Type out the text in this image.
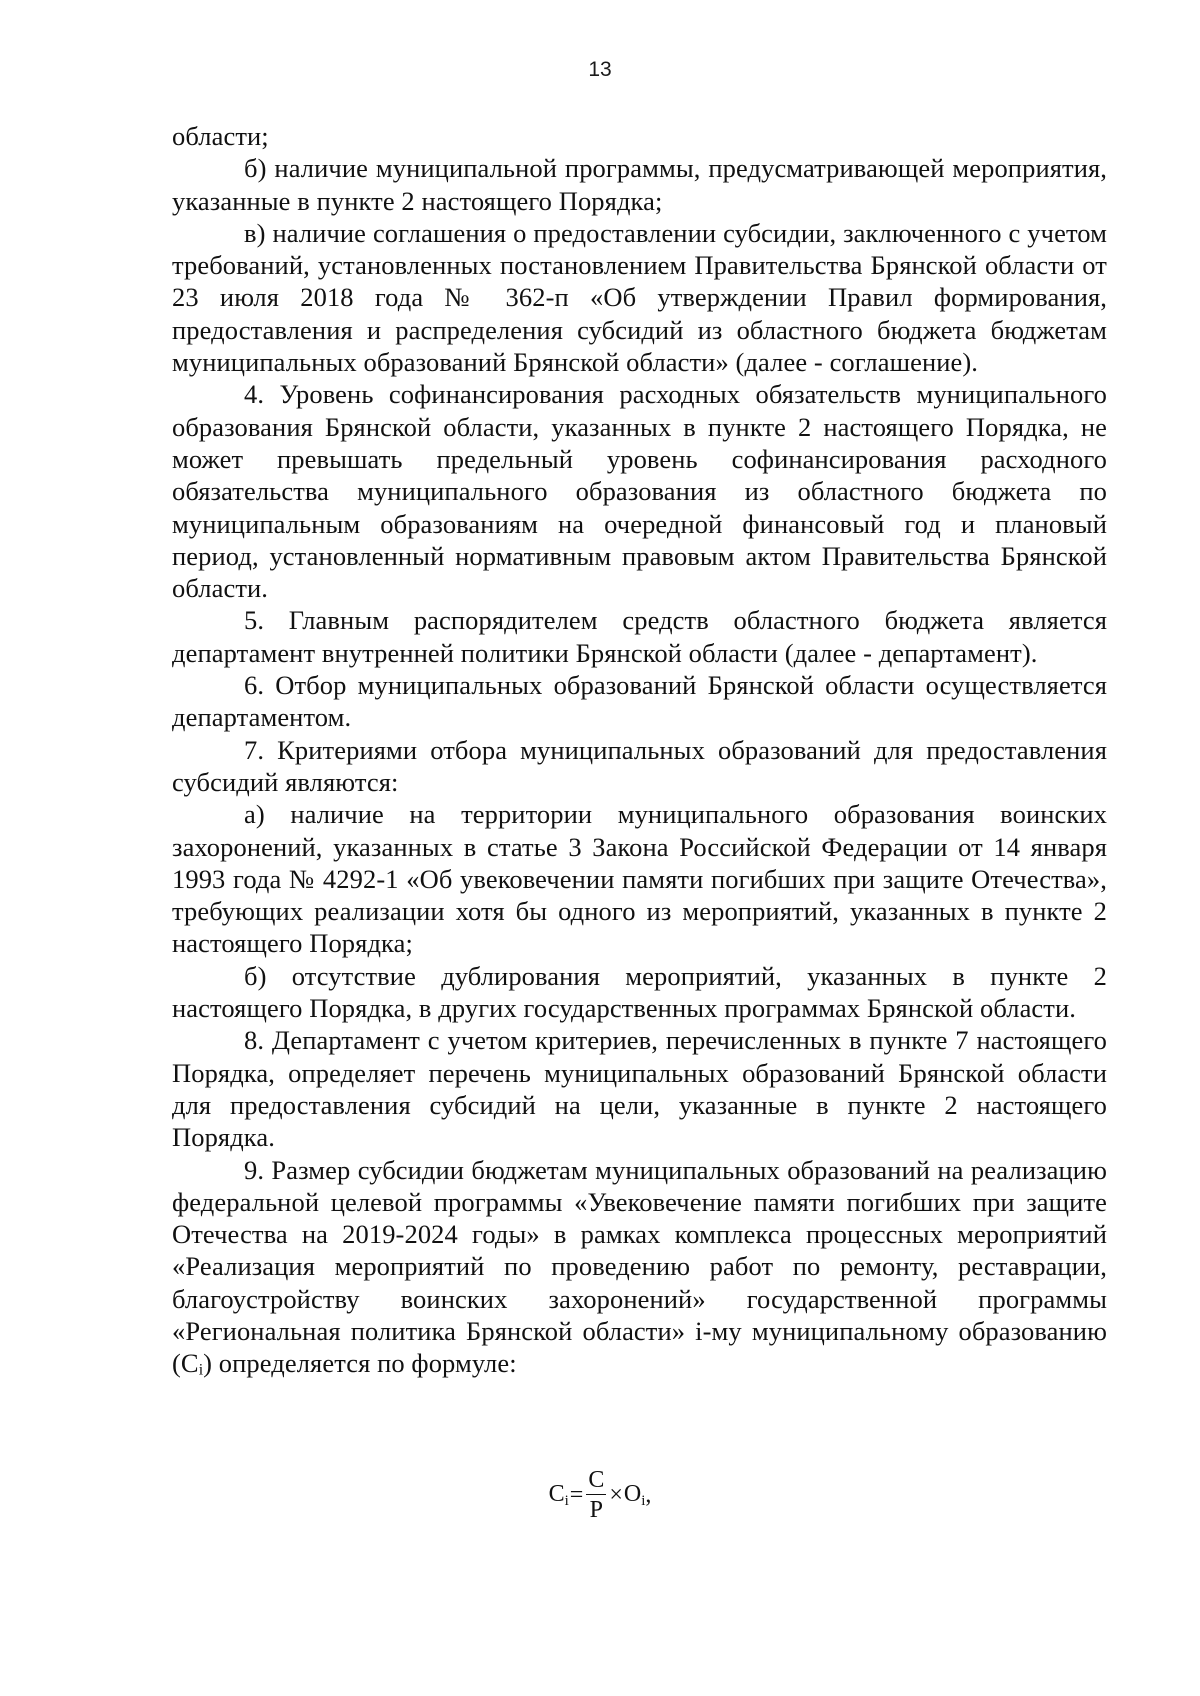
13

области;

б) наличие муниципальной программы, предусматривающей мероприятия, указанные в пункте 2 настоящего Порядка;

в) наличие соглашения о предоставлении субсидии, заключенного с учетом требований, установленных постановлением Правительства Брянской области от 23 июля 2018 года № 362-п «Об утверждении Правил формирования, предоставления и распределения субсидий из областного бюджета бюджетам муниципальных образований Брянской области» (далее - соглашение).

4. Уровень софинансирования расходных обязательств муниципального образования Брянской области, указанных в пункте 2 настоящего Порядка, не может превышать предельный уровень софинансирования расходного обязательства муниципального образования из областного бюджета по муниципальным образованиям на очередной финансовый год и плановый период, установленный нормативным правовым актом Правительства Брянской области.

5. Главным распорядителем средств областного бюджета является департамент внутренней политики Брянской области (далее - департамент).

6. Отбор муниципальных образований Брянской области осуществляется департаментом.

7. Критериями отбора муниципальных образований для предоставления субсидий являются:

а) наличие на территории муниципального образования воинских захоронений, указанных в статье 3 Закона Российской Федерации от 14 января 1993 года № 4292-1 «Об увековечении памяти погибших при защите Отечества», требующих реализации хотя бы одного из мероприятий, указанных в пункте 2 настоящего Порядка;

б) отсутствие дублирования мероприятий, указанных в пункте 2 настоящего Порядка, в других государственных программах Брянской области.

8. Департамент с учетом критериев, перечисленных в пункте 7 настоящего Порядка, определяет перечень муниципальных образований Брянской области для предоставления субсидий на цели, указанные в пункте 2 настоящего Порядка.

9. Размер субсидии бюджетам муниципальных образований на реализацию федеральной целевой программы «Увековечение памяти погибших при защите Отечества на 2019-2024 годы» в рамках комплекса процессных мероприятий «Реализация мероприятий по проведению работ по ремонту, реставрации, благоустройству воинских захоронений» государственной программы «Региональная политика Брянской области» i-му муниципальному образованию (Cᵢ) определяется по формуле:

$C_i = \frac{C}{P} \times O_i$ ,
